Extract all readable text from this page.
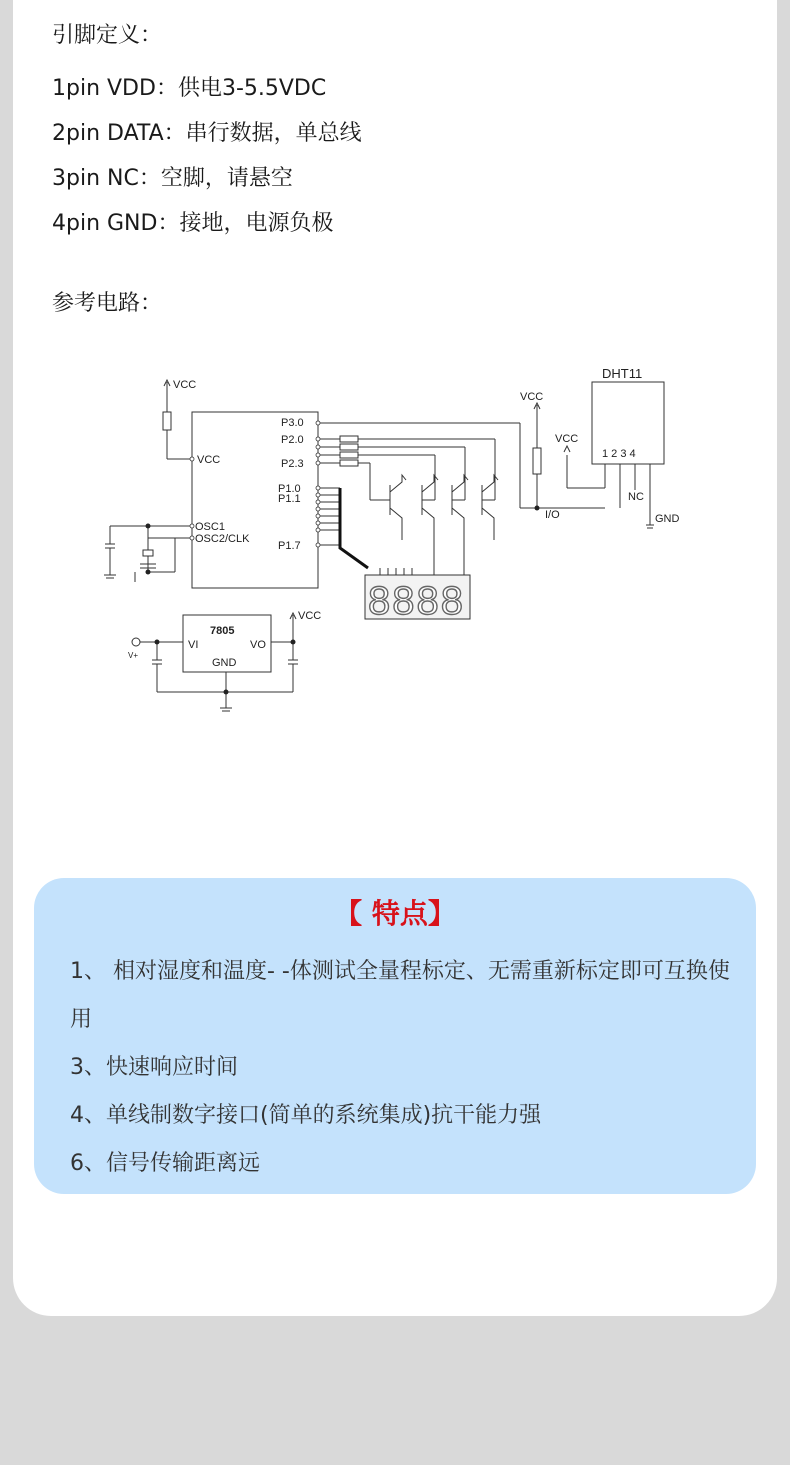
引脚定义：
1pin VDD：供电3-5.5VDC
2pin DATA：串行数据，单总线
3pin NC：空脚，请悬空
4pin GND：接地，电源负极
参考电路：
VCC
VCC
P3.0
P2.0
P2.3
P1.0
P1.1
P1.7
OSC1
OSC2/CLK
DHT11
1 2 3 4
VCC
VCC
I/O
NC
GND
7805
VI	VO
GND
VCC
V+
8888
【 特点】
1、 相对湿度和温度- -体测试全量程标定、无需重新标定即可互换使用
3、快速响应时间
4、单线制数字接口(简单的系统集成)抗干能力强
6、信号传输距离远
